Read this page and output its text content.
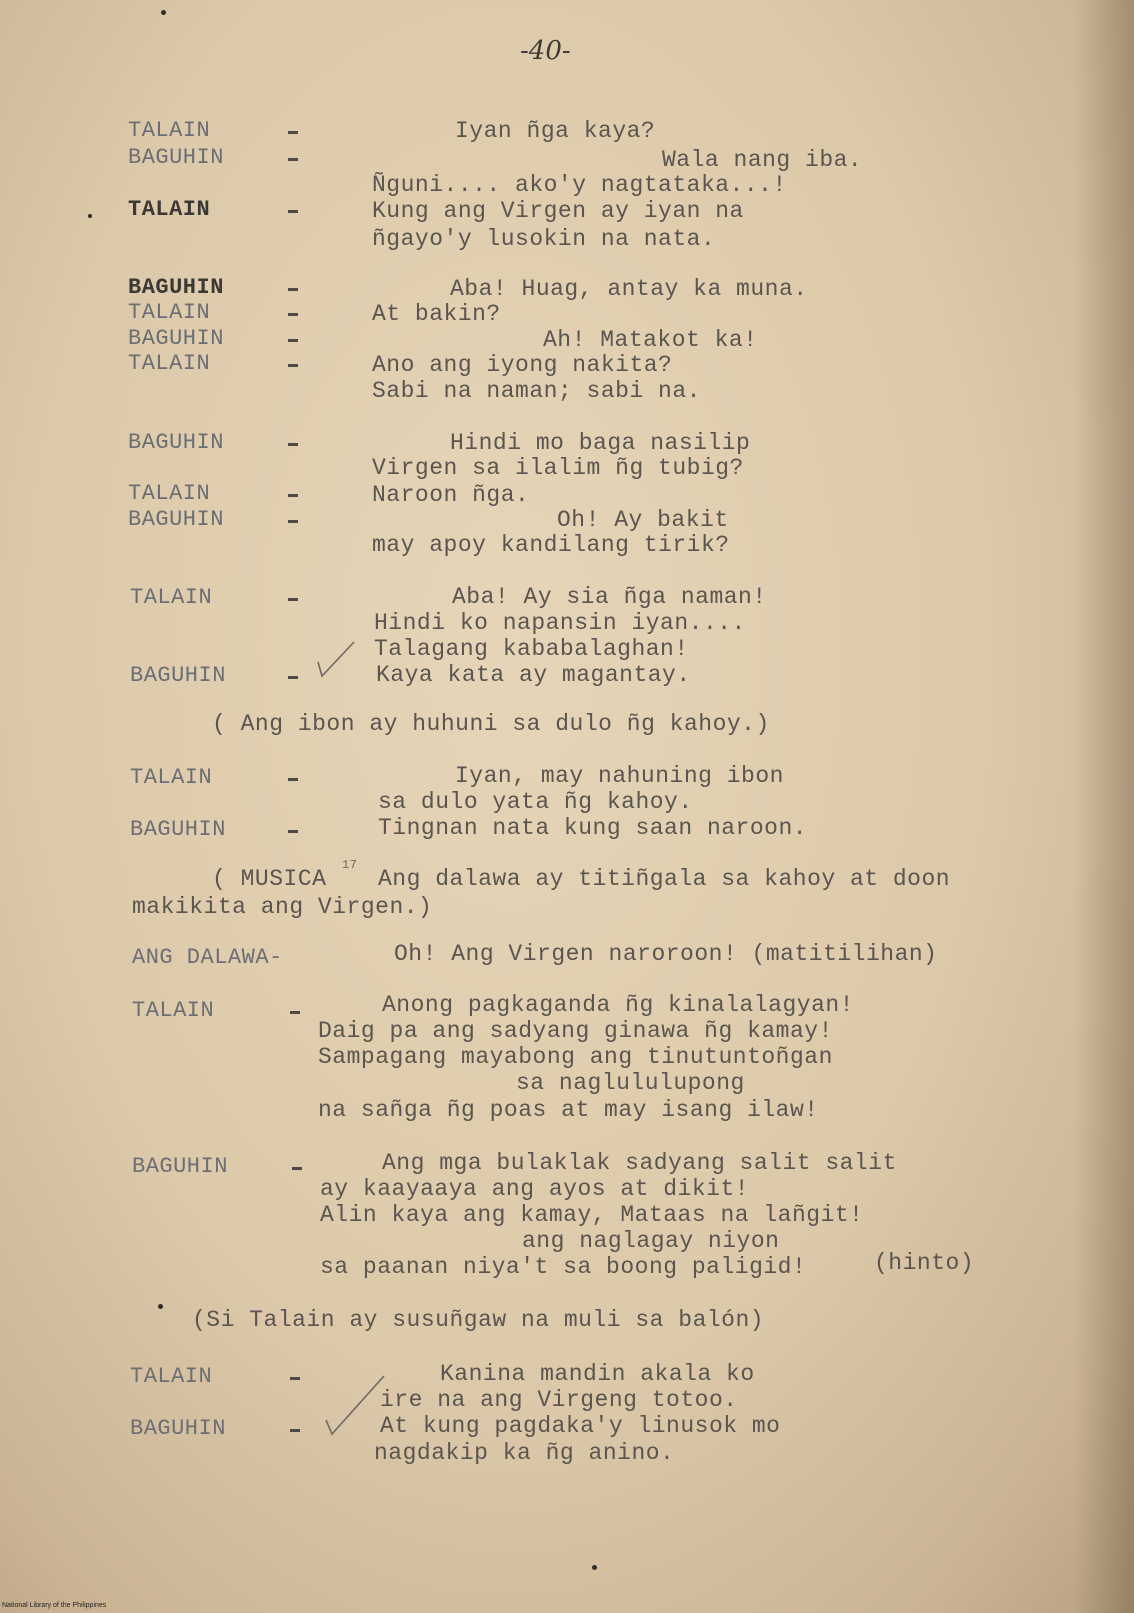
-40-
TALAIN	Iyan ñga kaya?
BAGUHIN	Wala nang iba.
Ñguni.... ako'y nagtataka...!
TALAIN	Kung ang Virgen ay iyan na
ñgayo'y lusokin na nata.
BAGUHIN	Aba! Huag, antay ka muna.
TALAIN	At bakin?
BAGUHIN	Ah! Matakot ka!
TALAIN	Ano ang iyong nakita?
Sabi na naman; sabi na.
BAGUHIN	Hindi mo baga nasilip
Virgen sa ilalim ñg tubig?
TALAIN	Naroon ñga.
BAGUHIN	Oh! Ay bakit
may apoy kandilang tirik?
TALAIN	Aba! Ay sia ñga naman!
Hindi ko napansin iyan....
Talagang kababalaghan!
BAGUHIN	Kaya kata ay magantay.
( Ang ibon ay huhuni sa dulo ñg kahoy.)
TALAIN	Iyan, may nahuning ibon
sa dulo yata ñg kahoy.
BAGUHIN	Tingnan nata kung saan naroon.
( MUSICA
17
Ang dalawa ay titiñgala sa kahoy at doon
makikita ang Virgen.)
ANG DALAWA-	Oh! Ang Virgen naroroon! (matitilihan)
TALAIN	Anong pagkaganda ñg kinalalagyan!
Daig pa ang sadyang ginawa ñg kamay!
Sampagang mayabong ang tinutuntoñgan
sa naglululupong
na sañga ñg poas at may isang ilaw!
BAGUHIN	Ang mga bulaklak sadyang salit salit
ay kaayaaya ang ayos at dikit!
Alin kaya ang kamay, Mataas na lañgit!
ang naglagay niyon
sa paanan niya't sa boong paligid!	(hinto)
(Si Talain ay susuñgaw na muli sa balón)
TALAIN	Kanina mandin akala ko
ire na ang Virgeng totoo.
BAGUHIN	At kung pagdaka'y linusok mo
nagdakip ka ñg anino.
National Library of the Philippines
